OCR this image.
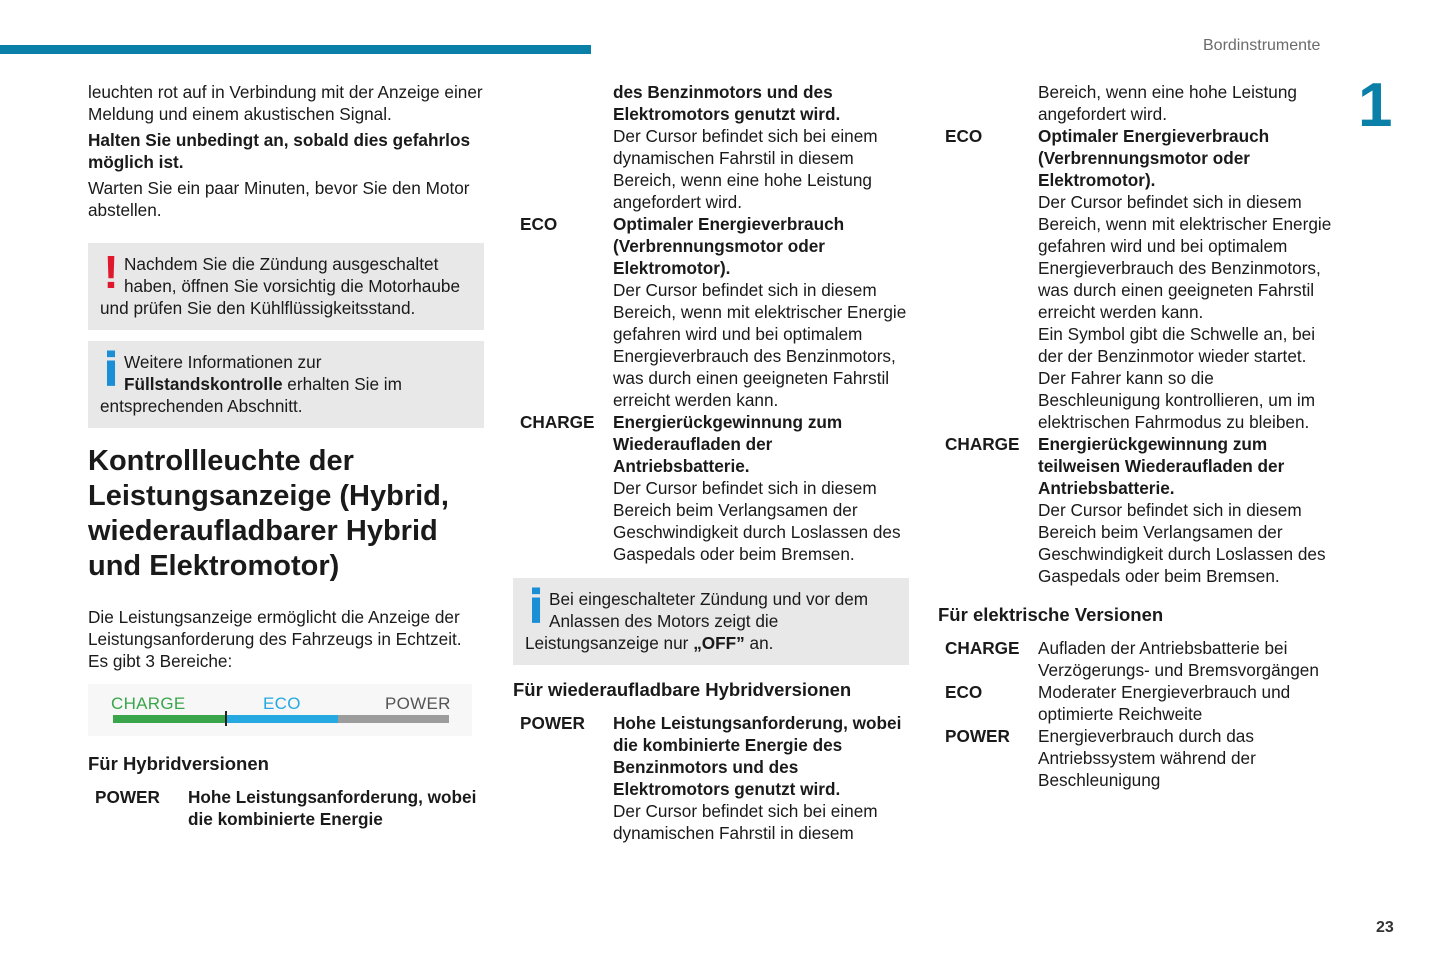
Bordinstrumente
1
23

leuchten rot auf in Verbindung mit der Anzeige einer Meldung und einem akustischen Signal.

Halten Sie unbedingt an, sobald dies gefahrlos möglich ist.

Warten Sie ein paar Minuten, bevor Sie den Motor abstellen.

! Nachdem Sie die Zündung ausgeschaltet haben, öffnen Sie vorsichtig die Motorhaube und prüfen Sie den Kühlflüssigkeitsstand.
i Weitere Informationen zur Füllstandskontrolle erhalten Sie im entsprechenden Abschnitt.
Kontrollleuchte der Leistungsanzeige (Hybrid, wiederaufladbarer Hybrid und Elektromotor)

Die Leistungsanzeige ermöglicht die Anzeige der Leistungsanforderung des Fahrzeugs in Echtzeit.

Es gibt 3 Bereiche:

CHARGE	ECO	POWER
Für Hybridversionen
POWER	Hohe Leistungsanforderung, wobei die kombinierte Energie

des Benzinmotors und des Elektromotors genutzt wird.

Der Cursor befindet sich bei einem dynamischen Fahrstil in diesem Bereich, wenn eine hohe Leistung angefordert wird.

ECO	Optimaler Energieverbrauch (Verbrennungsmotor oder Elektromotor).

Der Cursor befindet sich in diesem Bereich, wenn mit elektrischer Energie gefahren wird und bei optimalem Energieverbrauch des Benzinmotors, was durch einen geeigneten Fahrstil erreicht werden kann.

CHARGE	Energierückgewinnung zum Wiederaufladen der Antriebsbatterie.

Der Cursor befindet sich in diesem Bereich beim Verlangsamen der Geschwindigkeit durch Loslassen des Gaspedals oder beim Bremsen.

i Bei eingeschalteter Zündung und vor dem Anlassen des Motors zeigt die Leistungsanzeige nur „OFF” an.
Für wiederaufladbare Hybridversionen
POWER	Hohe Leistungsanforderung, wobei die kombinierte Energie des Benzinmotors und des Elektromotors genutzt wird.

Der Cursor befindet sich bei einem dynamischen Fahrstil in diesem

Bereich, wenn eine hohe Leistung angefordert wird.

ECO	Optimaler Energieverbrauch (Verbrennungsmotor oder Elektromotor).

Der Cursor befindet sich in diesem Bereich, wenn mit elektrischer Energie gefahren wird und bei optimalem Energieverbrauch des Benzinmotors, was durch einen geeigneten Fahrstil erreicht werden kann.

Ein Symbol gibt die Schwelle an, bei der der Benzinmotor wieder startet.

Der Fahrer kann so die Beschleunigung kontrollieren, um im elektrischen Fahrmodus zu bleiben.

CHARGE	Energierückgewinnung zum teilweisen Wiederaufladen der Antriebsbatterie.

Der Cursor befindet sich in diesem Bereich beim Verlangsamen der Geschwindigkeit durch Loslassen des Gaspedals oder beim Bremsen.

Für elektrische Versionen
CHARGE	Aufladen der Antriebsbatterie bei Verzögerungs- und Bremsvorgängen
ECO	Moderater Energieverbrauch und optimierte Reichweite
POWER	Energieverbrauch durch das Antriebssystem während der Beschleunigung
